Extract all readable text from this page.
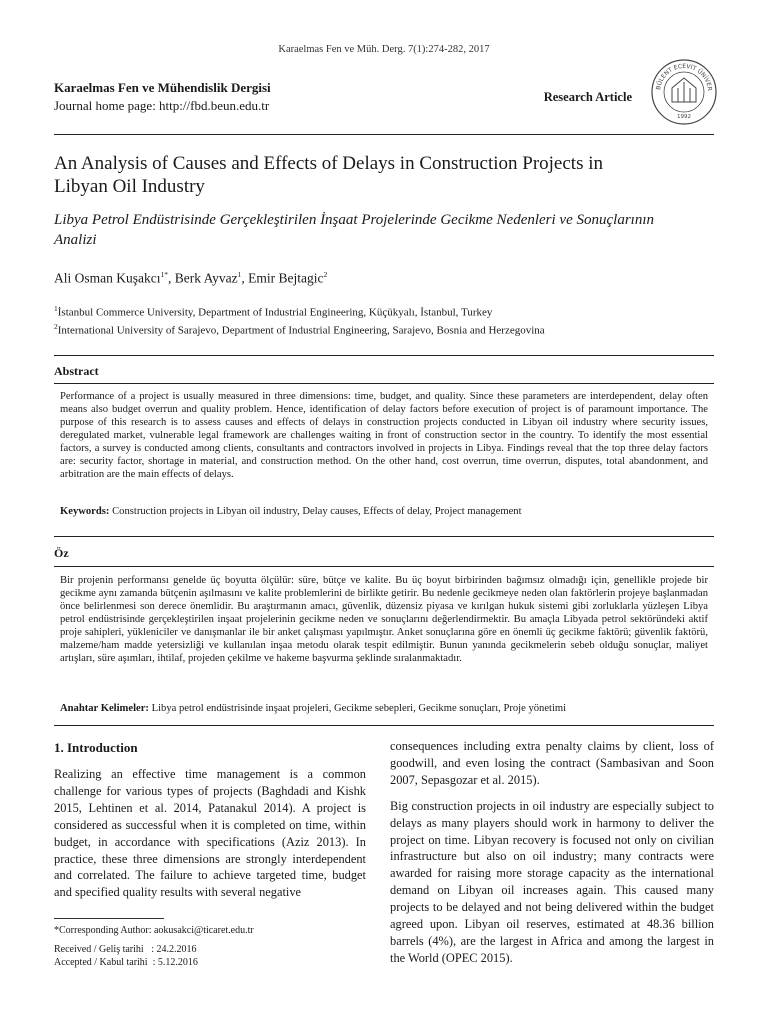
Karaelmas Fen ve Müh. Derg. 7(1):274-282, 2017
Karaelmas Fen ve Mühendislik Dergisi
Journal home page: http://fbd.beun.edu.tr
Research Article
BÜLENT ECEVİT ÜNİVER
1992
An Analysis of Causes and Effects of Delays in Construction Projects in Libyan Oil Industry
Libya Petrol Endüstrisinde Gerçekleştirilen İnşaat Projelerinde Gecikme Nedenleri ve Sonuçlarının Analizi
Ali Osman Kuşakcı$^{1*}$, Berk Ayvaz$^1$, Emir Bejtagic$^2$
$^1$İstanbul Commerce University, Department of Industrial Engineering, Küçükyalı, İstanbul, Turkey
$^2$International University of Sarajevo, Department of Industrial Engineering, Sarajevo, Bosnia and Herzegovina
Abstract

Performance of a project is usually measured in three dimensions: time, budget, and quality. Since these parameters are interdependent, delay often means also budget overrun and quality problem. Hence, identification of delay factors before execution of project is of paramount importance. The purpose of this research is to assess causes and effects of delays in construction projects conducted in Libyan oil industry where security issues, deregulated market, vulnerable legal framework are challenges waiting in front of construction sector in the country. To identify the most essential factors, a survey is conducted among clients, consultants and contractors involved in projects in Libya. Findings reveal that the top three delay factors are: security factor, shortage in material, and construction method. On the other hand, cost overrun, time overrun, disputes, total abandonment, and arbitration are the main effects of delays.

Keywords: Construction projects in Libyan oil industry, Delay causes, Effects of delay, Project management
Öz

Bir projenin performansı genelde üç boyutta ölçülür: süre, bütçe ve kalite. Bu üç boyut birbirinden bağımsız olmadığı için, genellikle projede bir gecikme aynı zamanda bütçenin aşılmasını ve kalite problemlerini de birlikte getirir. Bu nedenle gecikmeye neden olan faktörlerin projeye başlanmadan önce belirlenmesi son derece önemlidir. Bu araştırmanın amacı, güvenlik, düzensiz piyasa ve kırılgan hukuk sistemi gibi zorluklarla yüzleşen Libya petrol endüstrisinde gerçekleştirilen inşaat projelerinin gecikme neden ve sonuçlarını değerlendirmektir. Bu amaçla Libyada petrol sektöründeki aktif proje sahipleri, yükleniciler ve danışmanlar ile bir anket çalışması yapılmıştır. Anket sonuçlarına göre en önemli üç gecikme faktörü; güvenlik faktörü, malzeme/ham madde yetersizliği ve kullanılan inşaa metodu olarak tespit edilmiştir. Bunun yanında gecikmelerin sebeb olduğu sonuçlar, maliyet artışları, süre aşımları, ihtilaf, projeden çekilme ve hakeme başvurma şeklinde sıralanmaktadır.

Anahtar Kelimeler: Libya petrol endüstrisinde inşaat projeleri, Gecikme sebepleri, Gecikme sonuçları, Proje yönetimi
1. Introduction

Realizing an effective time management is a common challenge for various types of projects (Baghdadi and Kishk 2015, Lehtinen et al. 2014, Patanakul 2014). A project is considered as successful when it is completed on time, within budget, in accordance with specifications (Aziz 2013). In practice, these three dimensions are strongly interdependent and correlated. The failure to achieve targeted time, budget and specified quality results with several negative

consequences including extra penalty claims by client, loss of goodwill, and even losing the contract (Sambasivan and Soon 2007, Sepasgozar et al. 2015).

Big construction projects in oil industry are especially subject to delays as many players should work in harmony to deliver the project on time. Libyan recovery is focused not only on civilian infrastructure but also on oil industry; many contracts were awarded for raising more storage capacity as the international demand on Libyan oil increases again. This caused many projects to be delayed and not being delivered within the budget agreed upon. Libyan oil reserves, estimated at 48.36 billion barrels (4%), are the largest in Africa and among the largest in the World (OPEC 2015).

*Corresponding Author: aokusakci@ticaret.edu.tr
Received / Geliş tarihi   : 24.2.2016
Accepted / Kabul tarihi  : 5.12.2016
